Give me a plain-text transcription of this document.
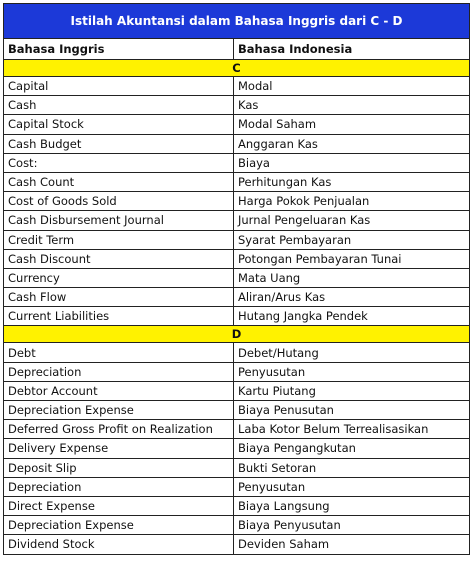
Istilah Akuntansi dalam Bahasa Inggris dari C - D	
Bahasa Inggris	Bahasa Indonesia
C	
Capital	Modal
Cash	Kas
Capital Stock	Modal Saham
Cash Budget	Anggaran Kas
Cost:	Biaya
Cash Count	Perhitungan Kas
Cost of Goods Sold	Harga Pokok Penjualan
Cash Disbursement Journal	Jurnal Pengeluaran Kas
Credit Term	Syarat Pembayaran
Cash Discount	Potongan Pembayaran Tunai
Currency	Mata Uang
Cash Flow	Aliran/Arus Kas
Current Liabilities	Hutang Jangka Pendek
D	
Debt	Debet/Hutang
Depreciation	Penyusutan
Debtor Account	Kartu Piutang
Depreciation Expense	Biaya Penusutan
Deferred Gross Profit on Realization	Laba Kotor Belum Terrealisasikan
Delivery Expense	Biaya Pengangkutan
Deposit Slip	Bukti Setoran
Depreciation	Penyusutan
Direct Expense	Biaya Langsung
Depreciation Expense	Biaya Penyusutan
Dividend Stock	Deviden Saham
